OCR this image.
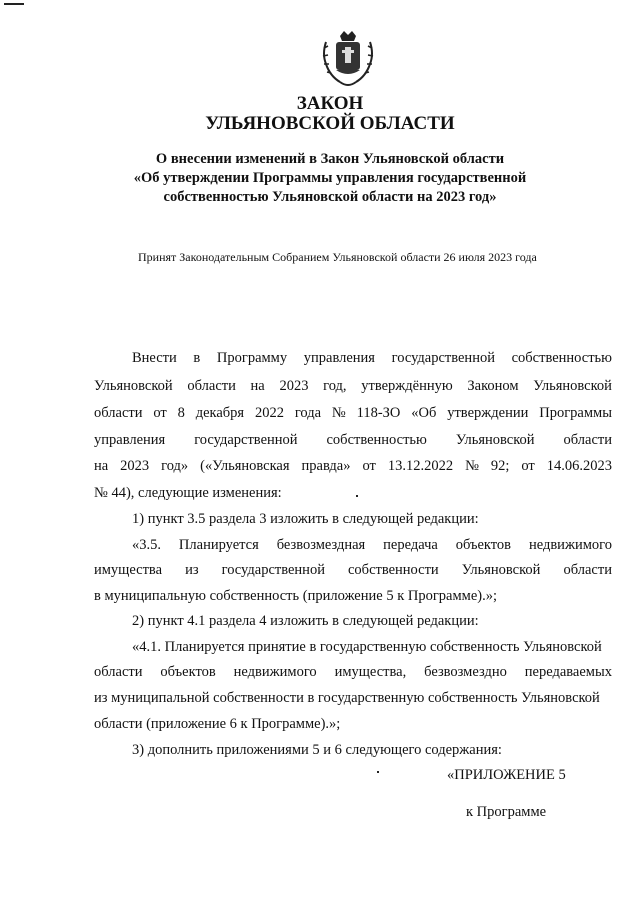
ЗАКОН
УЛЬЯНОВСКОЙ ОБЛАСТИ
О внесении изменений в Закон Ульяновской области
«Об утверждении Программы управления государственной
собственностью Ульяновской области на 2023 год»
Принят Законодательным Собранием Ульяновской области 26 июля 2023 года
Внести в Программу управления государственной собственностью
Ульяновской области на 2023 год, утверждённую Законом Ульяновской
области от 8 декабря 2022 года № 118-ЗО «Об утверждении Программы
управления государственной собственностью Ульяновской области
на 2023 год» («Ульяновская правда» от 13.12.2022 № 92; от 14.06.2023
№ 44), следующие изменения:
1) пункт 3.5 раздела 3 изложить в следующей редакции:
«3.5. Планируется безвозмездная передача объектов недвижимого
имущества из государственной собственности Ульяновской области
в муниципальную собственность (приложение 5 к Программе).»;
2) пункт 4.1 раздела 4 изложить в следующей редакции:
«4.1. Планируется принятие в государственную собственность Ульяновской
области объектов недвижимого имущества, безвозмездно передаваемых
из муниципальной собственности в государственную собственность Ульяновской
области (приложение 6 к Программе).»;
3) дополнить приложениями 5 и 6 следующего содержания:
«ПРИЛОЖЕНИЕ 5
к Программе
